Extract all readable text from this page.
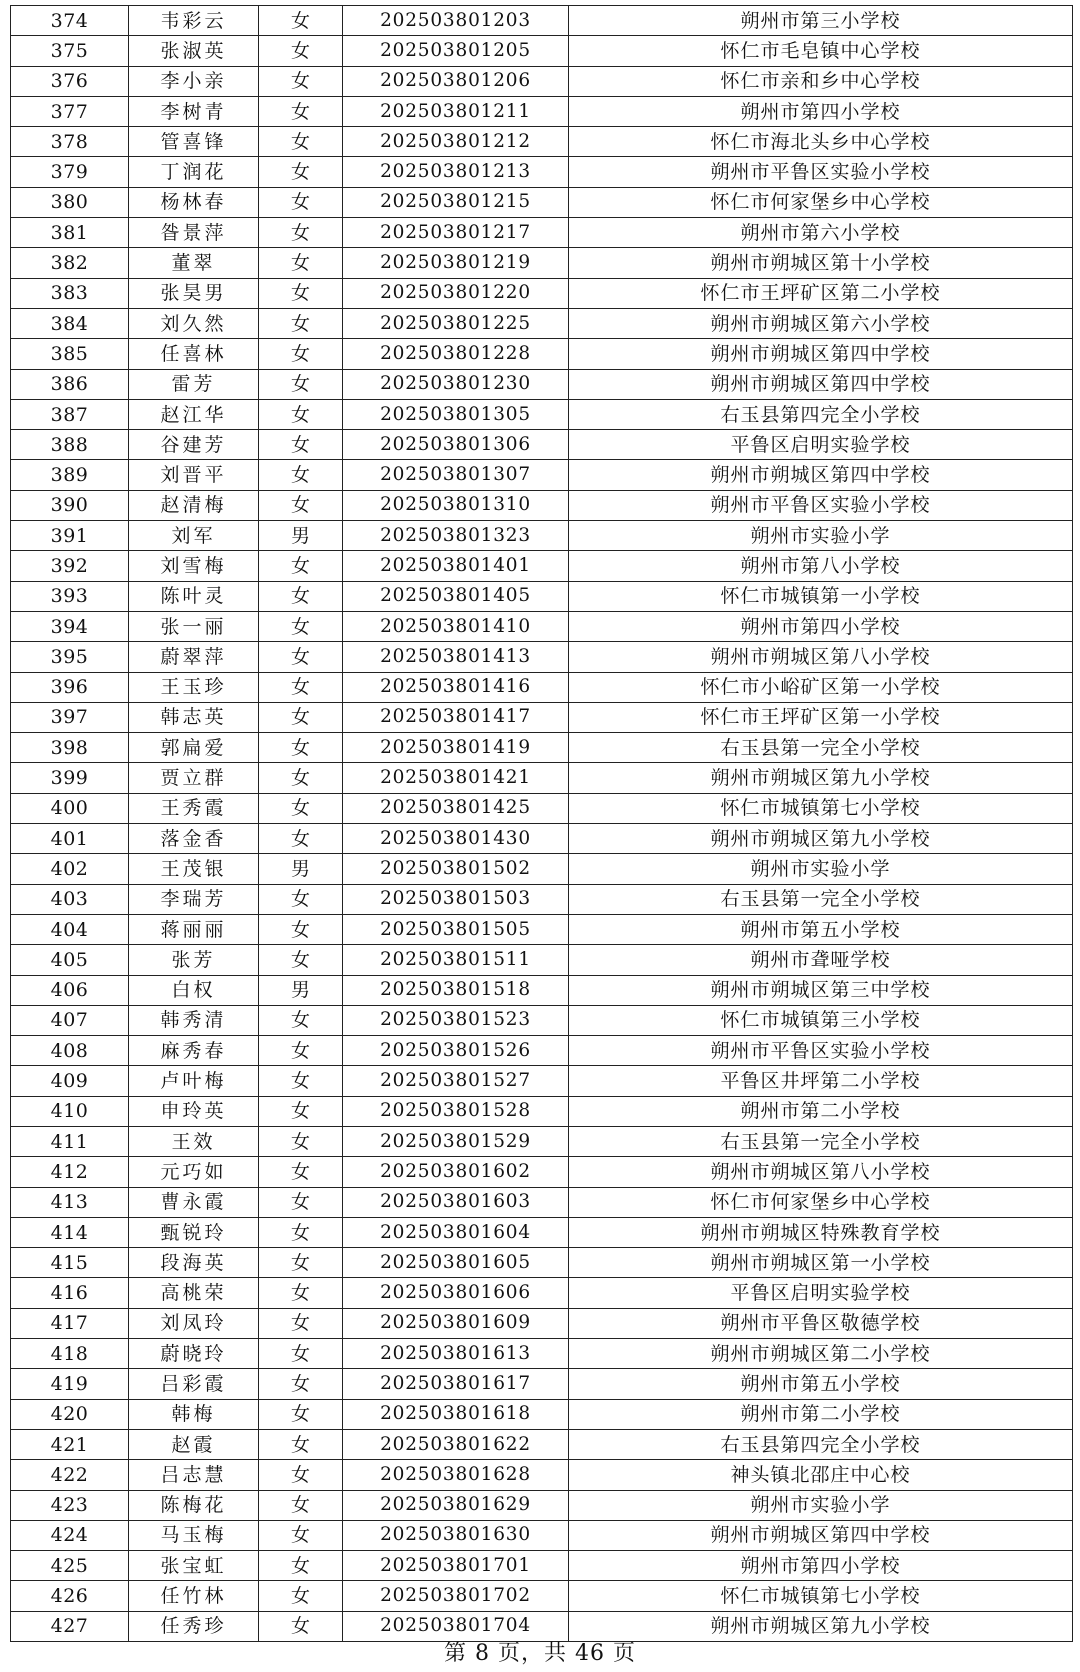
374	韦彩云	女	202503801203	朔州市第三小学校
375	张淑英	女	202503801205	怀仁市毛皂镇中心学校
376	李小亲	女	202503801206	怀仁市亲和乡中心学校
377	李树青	女	202503801211	朔州市第四小学校
378	管喜锋	女	202503801212	怀仁市海北头乡中心学校
379	丁润花	女	202503801213	朔州市平鲁区实验小学校
380	杨林春	女	202503801215	怀仁市何家堡乡中心学校
381	昝景萍	女	202503801217	朔州市第六小学校
382	董翠	女	202503801219	朔州市朔城区第十小学校
383	张昊男	女	202503801220	怀仁市王坪矿区第二小学校
384	刘久然	女	202503801225	朔州市朔城区第六小学校
385	任喜林	女	202503801228	朔州市朔城区第四中学校
386	雷芳	女	202503801230	朔州市朔城区第四中学校
387	赵江华	女	202503801305	右玉县第四完全小学校
388	谷建芳	女	202503801306	平鲁区启明实验学校
389	刘晋平	女	202503801307	朔州市朔城区第四中学校
390	赵清梅	女	202503801310	朔州市平鲁区实验小学校
391	刘军	男	202503801323	朔州市实验小学
392	刘雪梅	女	202503801401	朔州市第八小学校
393	陈叶灵	女	202503801405	怀仁市城镇第一小学校
394	张一丽	女	202503801410	朔州市第四小学校
395	蔚翠萍	女	202503801413	朔州市朔城区第八小学校
396	王玉珍	女	202503801416	怀仁市小峪矿区第一小学校
397	韩志英	女	202503801417	怀仁市王坪矿区第一小学校
398	郭扁爱	女	202503801419	右玉县第一完全小学校
399	贾立群	女	202503801421	朔州市朔城区第九小学校
400	王秀霞	女	202503801425	怀仁市城镇第七小学校
401	落金香	女	202503801430	朔州市朔城区第九小学校
402	王茂银	男	202503801502	朔州市实验小学
403	李瑞芳	女	202503801503	右玉县第一完全小学校
404	蒋丽丽	女	202503801505	朔州市第五小学校
405	张芳	女	202503801511	朔州市聋哑学校
406	白权	男	202503801518	朔州市朔城区第三中学校
407	韩秀清	女	202503801523	怀仁市城镇第三小学校
408	麻秀春	女	202503801526	朔州市平鲁区实验小学校
409	卢叶梅	女	202503801527	平鲁区井坪第二小学校
410	申玲英	女	202503801528	朔州市第二小学校
411	王效	女	202503801529	右玉县第一完全小学校
412	元巧如	女	202503801602	朔州市朔城区第八小学校
413	曹永霞	女	202503801603	怀仁市何家堡乡中心学校
414	甄锐玲	女	202503801604	朔州市朔城区特殊教育学校
415	段海英	女	202503801605	朔州市朔城区第一小学校
416	高桃荣	女	202503801606	平鲁区启明实验学校
417	刘凤玲	女	202503801609	朔州市平鲁区敬德学校
418	蔚晓玲	女	202503801613	朔州市朔城区第二小学校
419	吕彩霞	女	202503801617	朔州市第五小学校
420	韩梅	女	202503801618	朔州市第二小学校
421	赵霞	女	202503801622	右玉县第四完全小学校
422	吕志慧	女	202503801628	神头镇北邵庄中心校
423	陈梅花	女	202503801629	朔州市实验小学
424	马玉梅	女	202503801630	朔州市朔城区第四中学校
425	张宝虹	女	202503801701	朔州市第四小学校
426	任竹林	女	202503801702	怀仁市城镇第七小学校
427	任秀珍	女	202503801704	朔州市朔城区第九小学校
第 8 页，共 46 页
